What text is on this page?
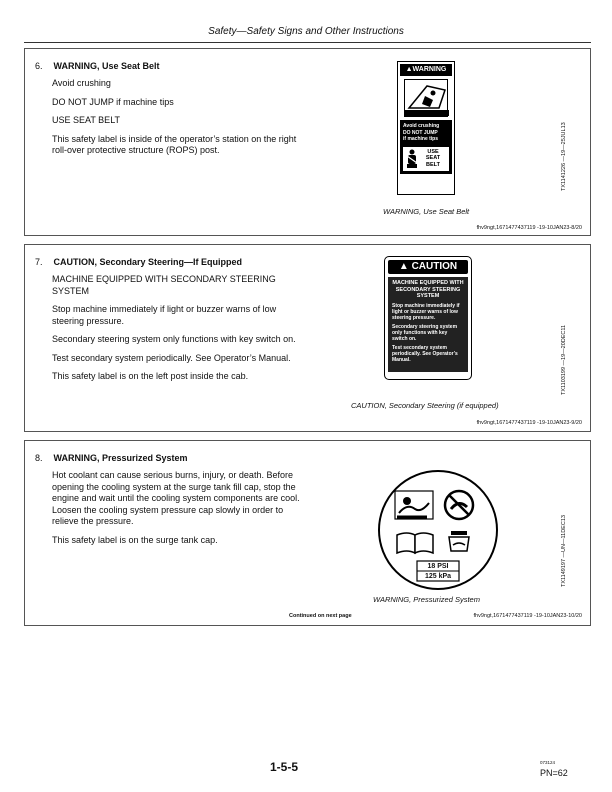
Safety—Safety Signs and Other Instructions
6. WARNING, Use Seat Belt

Avoid crushing

DO NOT JUMP if machine tips

USE SEAT BELT

This safety label is inside of the operator’s station on the right roll-over protective structure (ROPS) post.

▲WARNING
Avoid crushing
DO NOT JUMP
if machine tips
USE
SEAT
BELT	TX1141226 —19—25JUL13
WARNING, Use Seat Belt
fhv9ngt,1671477437119 -19-10JAN23-8/20
7. CAUTION, Secondary Steering—If Equipped

MACHINE EQUIPPED WITH SECONDARY STEERING SYSTEM

Stop machine immediately if light or buzzer warns of low steering pressure.

Secondary steering system only functions with key switch on.

Test secondary system periodically. See Operator’s Manual.

This safety label is on the left post inside the cab.

▲ CAUTION
MACHINE EQUIPPED WITH SECONDARY STEERING SYSTEM
Stop machine immediately if light or buzzer warns of low steering pressure.
Secondary steering system only functions with key switch on.
Test secondary system periodically. See Operator’s Manual.	TX1103199 —19—20DEC11
CAUTION, Secondary Steering (if equipped)
fhv9ngt,1671477437119 -19-10JAN23-9/20
8. WARNING, Pressurized System

Hot coolant can cause serious burns, injury, or death. Before opening the cooling system at the surge tank fill cap, stop the engine and wait until the cooling system components are cool. Loosen the cooling system pressure cap slowly in order to relieve the pressure.

This safety label is on the surge tank cap.

18 PSI
125 kPa	TX1149197 —UN—11DEC13
WARNING, Pressurized System
Continued on next page	fhv9ngt,1671477437119 -19-10JAN23-10/20
1-5-5	073124
PN=62
